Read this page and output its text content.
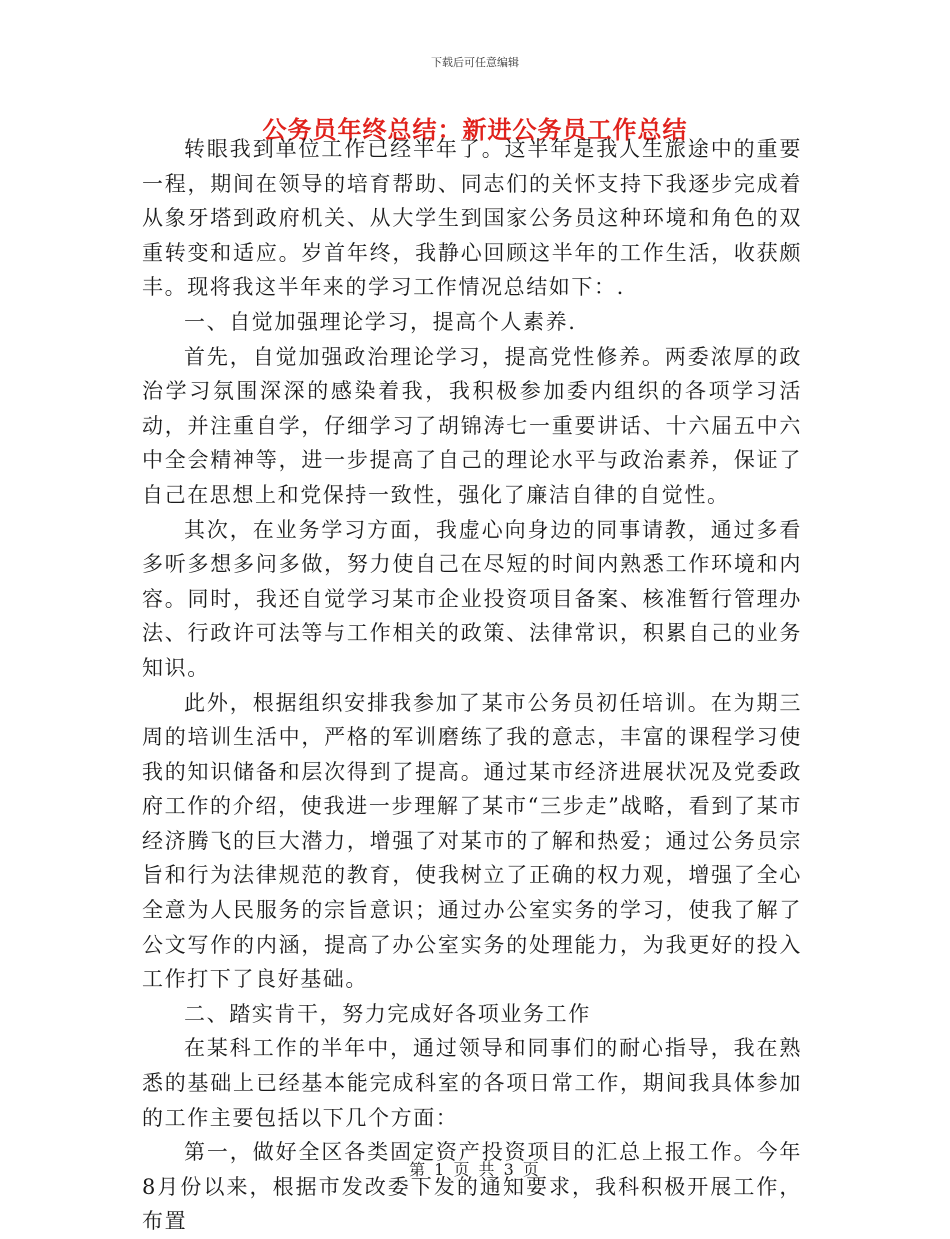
下载后可任意编辑
公务员年终总结：新进公务员工作总结

转眼我到单位工作已经半年了。这半年是我人生旅途中的重要一程，期间在领导的培育帮助、同志们的关怀支持下我逐步完成着从象牙塔到政府机关、从大学生到国家公务员这种环境和角色的双重转变和适应。岁首年终，我静心回顾这半年的工作生活，收获颇丰。现将我这半年来的学习工作情况总结如下：.

一、自觉加强理论学习，提高个人素养.

首先，自觉加强政治理论学习，提高党性修养。两委浓厚的政治学习氛围深深的感染着我，我积极参加委内组织的各项学习活动，并注重自学，仔细学习了胡锦涛七一重要讲话、十六届五中六中全会精神等，进一步提高了自己的理论水平与政治素养，保证了自己在思想上和党保持一致性，强化了廉洁自律的自觉性。

其次，在业务学习方面，我虚心向身边的同事请教，通过多看多听多想多问多做，努力使自己在尽短的时间内熟悉工作环境和内容。同时，我还自觉学习某市企业投资项目备案、核准暂行管理办法、行政许可法等与工作相关的政策、法律常识，积累自己的业务知识。

此外，根据组织安排我参加了某市公务员初任培训。在为期三周的培训生活中，严格的军训磨练了我的意志，丰富的课程学习使我的知识储备和层次得到了提高。通过某市经济进展状况及党委政府工作的介绍，使我进一步理解了某市“三步走”战略，看到了某市经济腾飞的巨大潜力，增强了对某市的了解和热爱；通过公务员宗旨和行为法律规范的教育，使我树立了正确的权力观，增强了全心全意为人民服务的宗旨意识；通过办公室实务的学习，使我了解了公文写作的内涵，提高了办公室实务的处理能力，为我更好的投入工作打下了良好基础。

二、踏实肯干，努力完成好各项业务工作

在某科工作的半年中，通过领导和同事们的耐心指导，我在熟悉的基础上已经基本能完成科室的各项日常工作，期间我具体参加的工作主要包括以下几个方面：

第一，做好全区各类固定资产投资项目的汇总上报工作。今年8月份以来，根据市发改委下发的通知要求，我科积极开展工作，布置

第 1 页 共 3 页
